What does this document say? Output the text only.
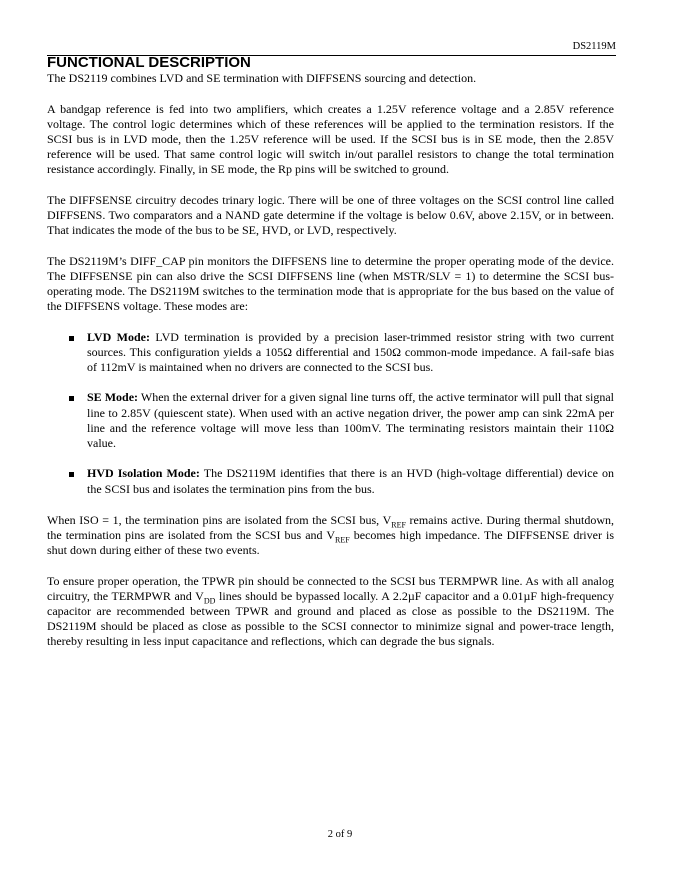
DS2119M
FUNCTIONAL DESCRIPTION

The DS2119 combines LVD and SE termination with DIFFSENS sourcing and detection.

A bandgap reference is fed into two amplifiers, which creates a 1.25V reference voltage and a 2.85V reference voltage. The control logic determines which of these references will be applied to the termination resistors. If the SCSI bus is in LVD mode, then the 1.25V reference will be used. If the SCSI bus is in SE mode, then the 2.85V reference will be used. That same control logic will switch in/out parallel resistors to change the total termination resistance accordingly. Finally, in SE mode, the Rp pins will be switched to ground.

The DIFFSENSE circuitry decodes trinary logic. There will be one of three voltages on the SCSI control line called DIFFSENS. Two comparators and a NAND gate determine if the voltage is below 0.6V, above 2.15V, or in between. That indicates the mode of the bus to be SE, HVD, or LVD, respectively.

The DS2119M’s DIFF_CAP pin monitors the DIFFSENS line to determine the proper operating mode of the device. The DIFFSENSE pin can also drive the SCSI DIFFSENS line (when MSTR/SLV = 1) to determine the SCSI bus-operating mode. The DS2119M switches to the termination mode that is appropriate for the bus based on the value of the DIFFSENS voltage. These modes are:

LVD Mode: LVD termination is provided by a precision laser-trimmed resistor string with two current sources. This configuration yields a 105Ω differential and 150Ω common-mode impedance. A fail-safe bias of 112mV is maintained when no drivers are connected to the SCSI bus.
SE Mode: When the external driver for a given signal line turns off, the active terminator will pull that signal line to 2.85V (quiescent state). When used with an active negation driver, the power amp can sink 22mA per line and the reference voltage will move less than 100mV. The terminating resistors maintain their 110Ω value.
HVD Isolation Mode: The DS2119M identifies that there is an HVD (high-voltage differential) device on the SCSI bus and isolates the termination pins from the bus.

When ISO = 1, the termination pins are isolated from the SCSI bus, $V_{REF}$ remains active. During thermal shutdown, the termination pins are isolated from the SCSI bus and $V_{REF}$ becomes high impedance. The DIFFSENSE driver is shut down during either of these two events.

To ensure proper operation, the TPWR pin should be connected to the SCSI bus TERMPWR line. As with all analog circuitry, the TERMPWR and $V_{DD}$ lines should be bypassed locally. A 2.2µF capacitor and a 0.01µF high-frequency capacitor are recommended between TPWR and ground and placed as close as possible to the DS2119M. The DS2119M should be placed as close as possible to the SCSI connector to minimize signal and power-trace length, thereby resulting in less input capacitance and reflections, which can degrade the bus signals.

2 of 9
